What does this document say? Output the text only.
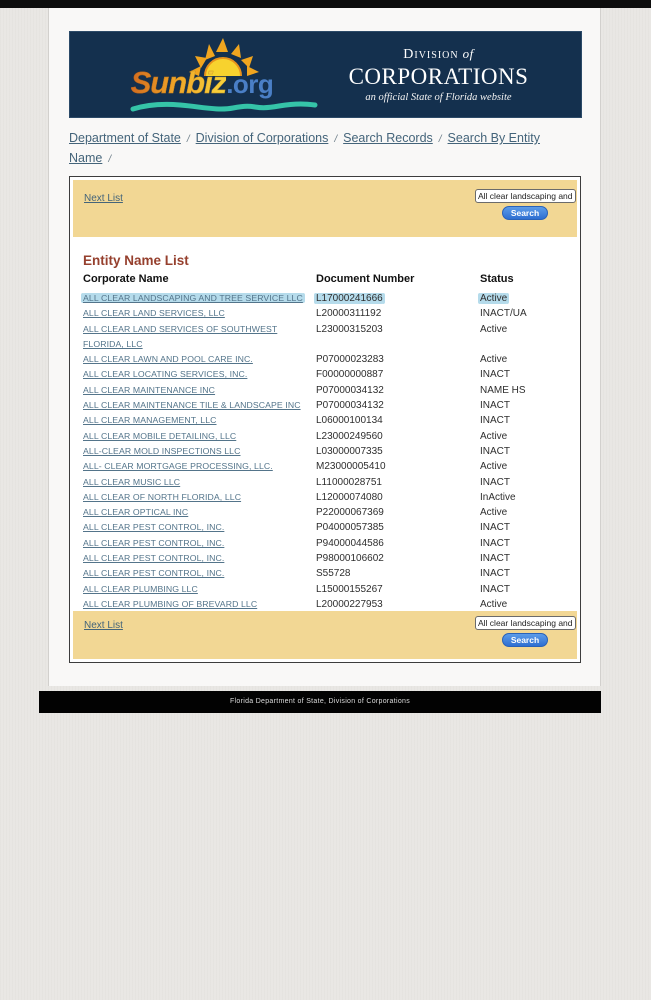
Sunbiz.org
Division of
CORPORATIONS
an official State of Florida website
Department of State / Division of Corporations / Search Records / Search By Entity Name /
Next List
All clear landscaping and tr
Search
Entity Name List
Corporate Name	Document Number	Status
ALL CLEAR LANDSCAPING AND TREE SERVICE LLC	L17000241666	Active
ALL CLEAR LAND SERVICES, LLC	L20000311192	INACT/UA
ALL CLEAR LAND SERVICES OF SOUTHWEST FLORIDA, LLC	L23000315203	Active
ALL CLEAR LAWN AND POOL CARE INC.	P07000023283	Active
ALL CLEAR LOCATING SERVICES, INC.	F00000000887	INACT
ALL CLEAR MAINTENANCE INC	P07000034132	NAME HS
ALL CLEAR MAINTENANCE TILE & LANDSCAPE INC	P07000034132	INACT
ALL CLEAR MANAGEMENT, LLC	L06000100134	INACT
ALL CLEAR MOBILE DETAILING, LLC	L23000249560	Active
ALL-CLEAR MOLD INSPECTIONS LLC	L03000007335	INACT
ALL- CLEAR MORTGAGE PROCESSING, LLC.	M23000005410	Active
ALL CLEAR MUSIC LLC	L11000028751	INACT
ALL CLEAR OF NORTH FLORIDA, LLC	L12000074080	InActive
ALL CLEAR OPTICAL INC	P22000067369	Active
ALL CLEAR PEST CONTROL, INC.	P04000057385	INACT
ALL CLEAR PEST CONTROL, INC.	P94000044586	INACT
ALL CLEAR PEST CONTROL, INC.	P98000106602	INACT
ALL CLEAR PEST CONTROL, INC.	S55728	INACT
ALL CLEAR PLUMBING LLC	L15000155267	INACT
ALL CLEAR PLUMBING OF BREVARD LLC	L20000227953	Active
Next List
All clear landscaping and tr
Search
Florida Department of State, Division of Corporations
